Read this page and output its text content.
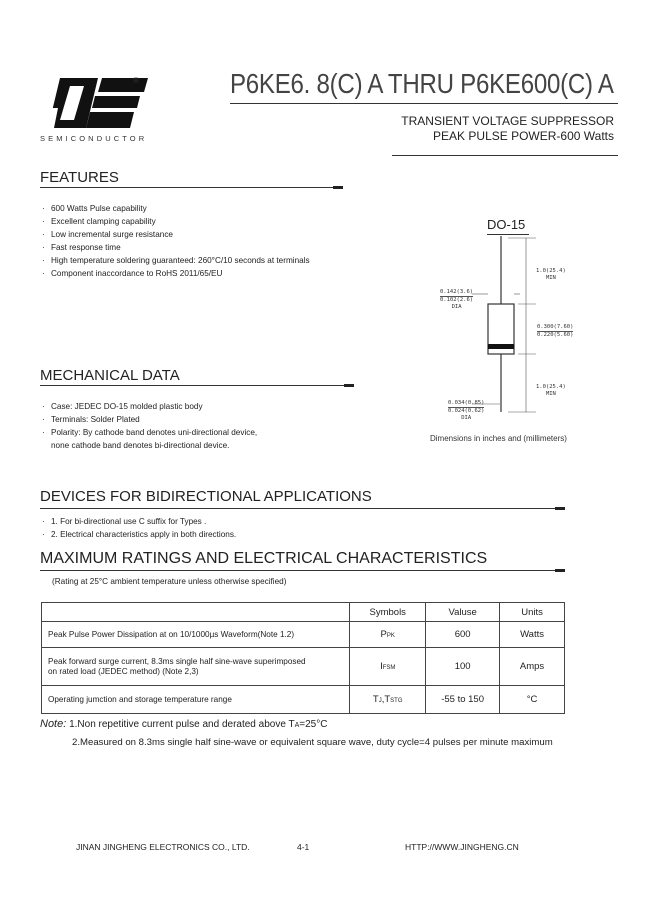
®
SEMICONDUCTOR
P6KE6. 8(C) A THRU P6KE600(C) A
TRANSIENT VOLTAGE SUPPRESSOR
PEAK PULSE POWER-600 Watts
FEATURES
· 600 Watts Pulse capability
· Excellent clamping capability
· Low incremental surge resistance
· Fast response time
· High temperature soldering guaranteed: 260°C/10 seconds at terminals
· Component inaccordance to RoHS 2011/65/EU
DO-15
1.0(25.4)
MIN
0.142(3.6)
0.102(2.6)
DIA
0.300(7.60)
0.220(5.60)
1.0(25.4)
MIN
0.034(0.85)
0.024(0.62)
DIA
Dimensions in inches and (millimeters)
MECHANICAL DATA
· Case: JEDEC DO-15 molded plastic body
· Terminals: Solder Plated
· Polarity: By cathode band denotes uni-directional device,
none cathode band denotes bi-directional device.
DEVICES FOR BIDIRECTIONAL APPLICATIONS
· 1. For bi-directional use C suffix for Types .
· 2. Electrical characteristics apply in both directions.
MAXIMUM RATINGS AND ELECTRICAL CHARACTERISTICS
(Rating at 25°C ambient temperature unless otherwise specified)
	Symbols	Valuse	Units
Peak Pulse Power Dissipation at on 10/1000µs Waveform(Note 1.2)	PPK	600	Watts

Peak forward surge current, 8.3ms single half sine-wave superimposed
on rated load (JEDEC method) (Note 2,3)	IFSM	100	Amps
Operating jumction and storage temperature range	TJ,TSTG	-55 to 150	°C
Note: 1.Non repetitive current pulse and derated above TA=25°C
2.Measured on 8.3ms single half sine-wave or equivalent square wave, duty cycle=4 pulses per minute maximum
JINAN JINGHENG ELECTRONICS CO., LTD.	4-1	HTTP://WWW.JINGHENG.CN
